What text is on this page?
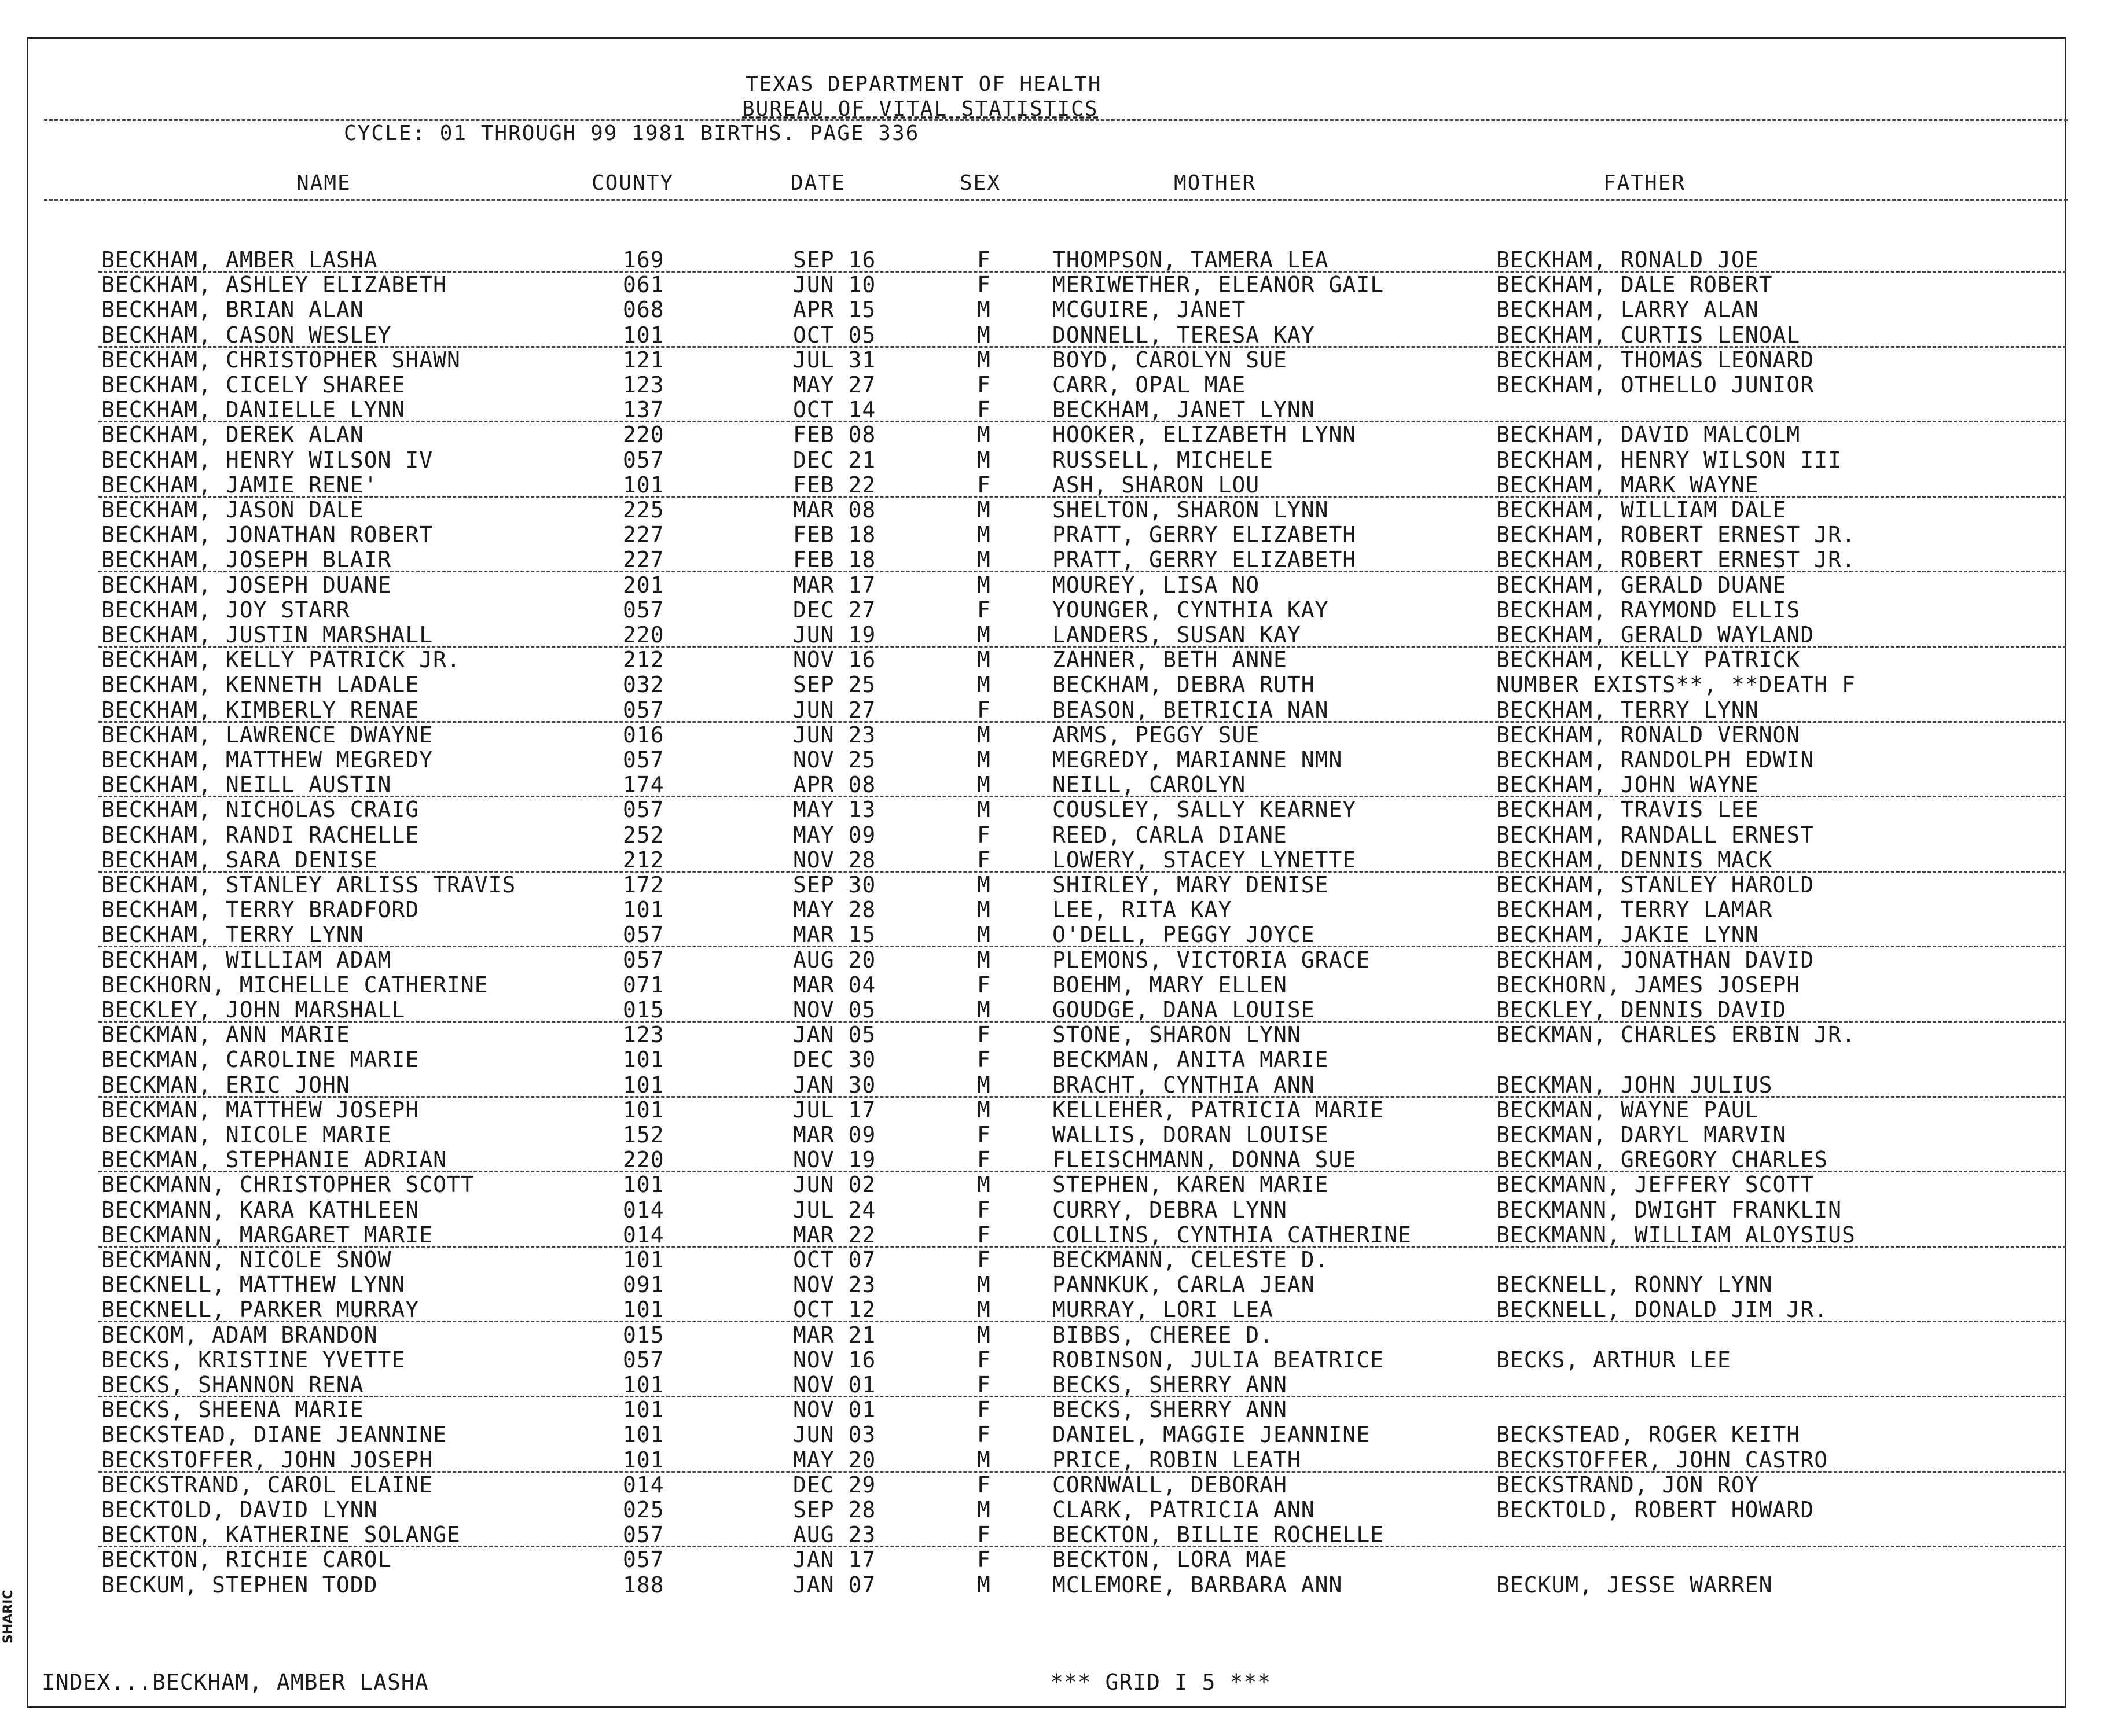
TEXAS DEPARTMENT OF HEALTH
BUREAU OF VITAL STATISTICS
CYCLE: 01 THROUGH 99 1981 BIRTHS. PAGE 336
NAME	COUNTY	DATE	SEX	MOTHER	FATHER
BECKHAM, AMBER LASHA	169	SEP 16	F	THOMPSON, TAMERA LEA	BECKHAM, RONALD JOE
BECKHAM, ASHLEY ELIZABETH	061	JUN 10	F	MERIWETHER, ELEANOR GAIL	BECKHAM, DALE ROBERT
BECKHAM, BRIAN ALAN	068	APR 15	M	MCGUIRE, JANET	BECKHAM, LARRY ALAN
BECKHAM, CASON WESLEY	101	OCT 05	M	DONNELL, TERESA KAY	BECKHAM, CURTIS LENOAL
BECKHAM, CHRISTOPHER SHAWN	121	JUL 31	M	BOYD, CAROLYN SUE	BECKHAM, THOMAS LEONARD
BECKHAM, CICELY SHAREE	123	MAY 27	F	CARR, OPAL MAE	BECKHAM, OTHELLO JUNIOR
BECKHAM, DANIELLE LYNN	137	OCT 14	F	BECKHAM, JANET LYNN
BECKHAM, DEREK ALAN	220	FEB 08	M	HOOKER, ELIZABETH LYNN	BECKHAM, DAVID MALCOLM
BECKHAM, HENRY WILSON IV	057	DEC 21	M	RUSSELL, MICHELE	BECKHAM, HENRY WILSON III
BECKHAM, JAMIE RENE'	101	FEB 22	F	ASH, SHARON LOU	BECKHAM, MARK WAYNE
BECKHAM, JASON DALE	225	MAR 08	M	SHELTON, SHARON LYNN	BECKHAM, WILLIAM DALE
BECKHAM, JONATHAN ROBERT	227	FEB 18	M	PRATT, GERRY ELIZABETH	BECKHAM, ROBERT ERNEST JR.
BECKHAM, JOSEPH BLAIR	227	FEB 18	M	PRATT, GERRY ELIZABETH	BECKHAM, ROBERT ERNEST JR.
BECKHAM, JOSEPH DUANE	201	MAR 17	M	MOUREY, LISA NO	BECKHAM, GERALD DUANE
BECKHAM, JOY STARR	057	DEC 27	F	YOUNGER, CYNTHIA KAY	BECKHAM, RAYMOND ELLIS
BECKHAM, JUSTIN MARSHALL	220	JUN 19	M	LANDERS, SUSAN KAY	BECKHAM, GERALD WAYLAND
BECKHAM, KELLY PATRICK JR.	212	NOV 16	M	ZAHNER, BETH ANNE	BECKHAM, KELLY PATRICK
BECKHAM, KENNETH LADALE	032	SEP 25	M	BECKHAM, DEBRA RUTH	NUMBER EXISTS**, **DEATH F
BECKHAM, KIMBERLY RENAE	057	JUN 27	F	BEASON, BETRICIA NAN	BECKHAM, TERRY LYNN
BECKHAM, LAWRENCE DWAYNE	016	JUN 23	M	ARMS, PEGGY SUE	BECKHAM, RONALD VERNON
BECKHAM, MATTHEW MEGREDY	057	NOV 25	M	MEGREDY, MARIANNE NMN	BECKHAM, RANDOLPH EDWIN
BECKHAM, NEILL AUSTIN	174	APR 08	M	NEILL, CAROLYN	BECKHAM, JOHN WAYNE
BECKHAM, NICHOLAS CRAIG	057	MAY 13	M	COUSLEY, SALLY KEARNEY	BECKHAM, TRAVIS LEE
BECKHAM, RANDI RACHELLE	252	MAY 09	F	REED, CARLA DIANE	BECKHAM, RANDALL ERNEST
BECKHAM, SARA DENISE	212	NOV 28	F	LOWERY, STACEY LYNETTE	BECKHAM, DENNIS MACK
BECKHAM, STANLEY ARLISS TRAVIS	172	SEP 30	M	SHIRLEY, MARY DENISE	BECKHAM, STANLEY HAROLD
BECKHAM, TERRY BRADFORD	101	MAY 28	M	LEE, RITA KAY	BECKHAM, TERRY LAMAR
BECKHAM, TERRY LYNN	057	MAR 15	M	O'DELL, PEGGY JOYCE	BECKHAM, JAKIE LYNN
BECKHAM, WILLIAM ADAM	057	AUG 20	M	PLEMONS, VICTORIA GRACE	BECKHAM, JONATHAN DAVID
BECKHORN, MICHELLE CATHERINE	071	MAR 04	F	BOEHM, MARY ELLEN	BECKHORN, JAMES JOSEPH
BECKLEY, JOHN MARSHALL	015	NOV 05	M	GOUDGE, DANA LOUISE	BECKLEY, DENNIS DAVID
BECKMAN, ANN MARIE	123	JAN 05	F	STONE, SHARON LYNN	BECKMAN, CHARLES ERBIN JR.
BECKMAN, CAROLINE MARIE	101	DEC 30	F	BECKMAN, ANITA MARIE
BECKMAN, ERIC JOHN	101	JAN 30	M	BRACHT, CYNTHIA ANN	BECKMAN, JOHN JULIUS
BECKMAN, MATTHEW JOSEPH	101	JUL 17	M	KELLEHER, PATRICIA MARIE	BECKMAN, WAYNE PAUL
BECKMAN, NICOLE MARIE	152	MAR 09	F	WALLIS, DORAN LOUISE	BECKMAN, DARYL MARVIN
BECKMAN, STEPHANIE ADRIAN	220	NOV 19	F	FLEISCHMANN, DONNA SUE	BECKMAN, GREGORY CHARLES
BECKMANN, CHRISTOPHER SCOTT	101	JUN 02	M	STEPHEN, KAREN MARIE	BECKMANN, JEFFERY SCOTT
BECKMANN, KARA KATHLEEN	014	JUL 24	F	CURRY, DEBRA LYNN	BECKMANN, DWIGHT FRANKLIN
BECKMANN, MARGARET MARIE	014	MAR 22	F	COLLINS, CYNTHIA CATHERINE	BECKMANN, WILLIAM ALOYSIUS
BECKMANN, NICOLE SNOW	101	OCT 07	F	BECKMANN, CELESTE D.
BECKNELL, MATTHEW LYNN	091	NOV 23	M	PANNKUK, CARLA JEAN	BECKNELL, RONNY LYNN
BECKNELL, PARKER MURRAY	101	OCT 12	M	MURRAY, LORI LEA	BECKNELL, DONALD JIM JR.
BECKOM, ADAM BRANDON	015	MAR 21	M	BIBBS, CHEREE D.
BECKS, KRISTINE YVETTE	057	NOV 16	F	ROBINSON, JULIA BEATRICE	BECKS, ARTHUR LEE
BECKS, SHANNON RENA	101	NOV 01	F	BECKS, SHERRY ANN
BECKS, SHEENA MARIE	101	NOV 01	F	BECKS, SHERRY ANN
BECKSTEAD, DIANE JEANNINE	101	JUN 03	F	DANIEL, MAGGIE JEANNINE	BECKSTEAD, ROGER KEITH
BECKSTOFFER, JOHN JOSEPH	101	MAY 20	M	PRICE, ROBIN LEATH	BECKSTOFFER, JOHN CASTRO
BECKSTRAND, CAROL ELAINE	014	DEC 29	F	CORNWALL, DEBORAH	BECKSTRAND, JON ROY
BECKTOLD, DAVID LYNN	025	SEP 28	M	CLARK, PATRICIA ANN	BECKTOLD, ROBERT HOWARD
BECKTON, KATHERINE SOLANGE	057	AUG 23	F	BECKTON, BILLIE ROCHELLE
BECKTON, RICHIE CAROL	057	JAN 17	F	BECKTON, LORA MAE
BECKUM, STEPHEN TODD	188	JAN 07	M	MCLEMORE, BARBARA ANN	BECKUM, JESSE WARREN
INDEX...BECKHAM, AMBER LASHA	*** GRID I 5 ***
SHARIC
